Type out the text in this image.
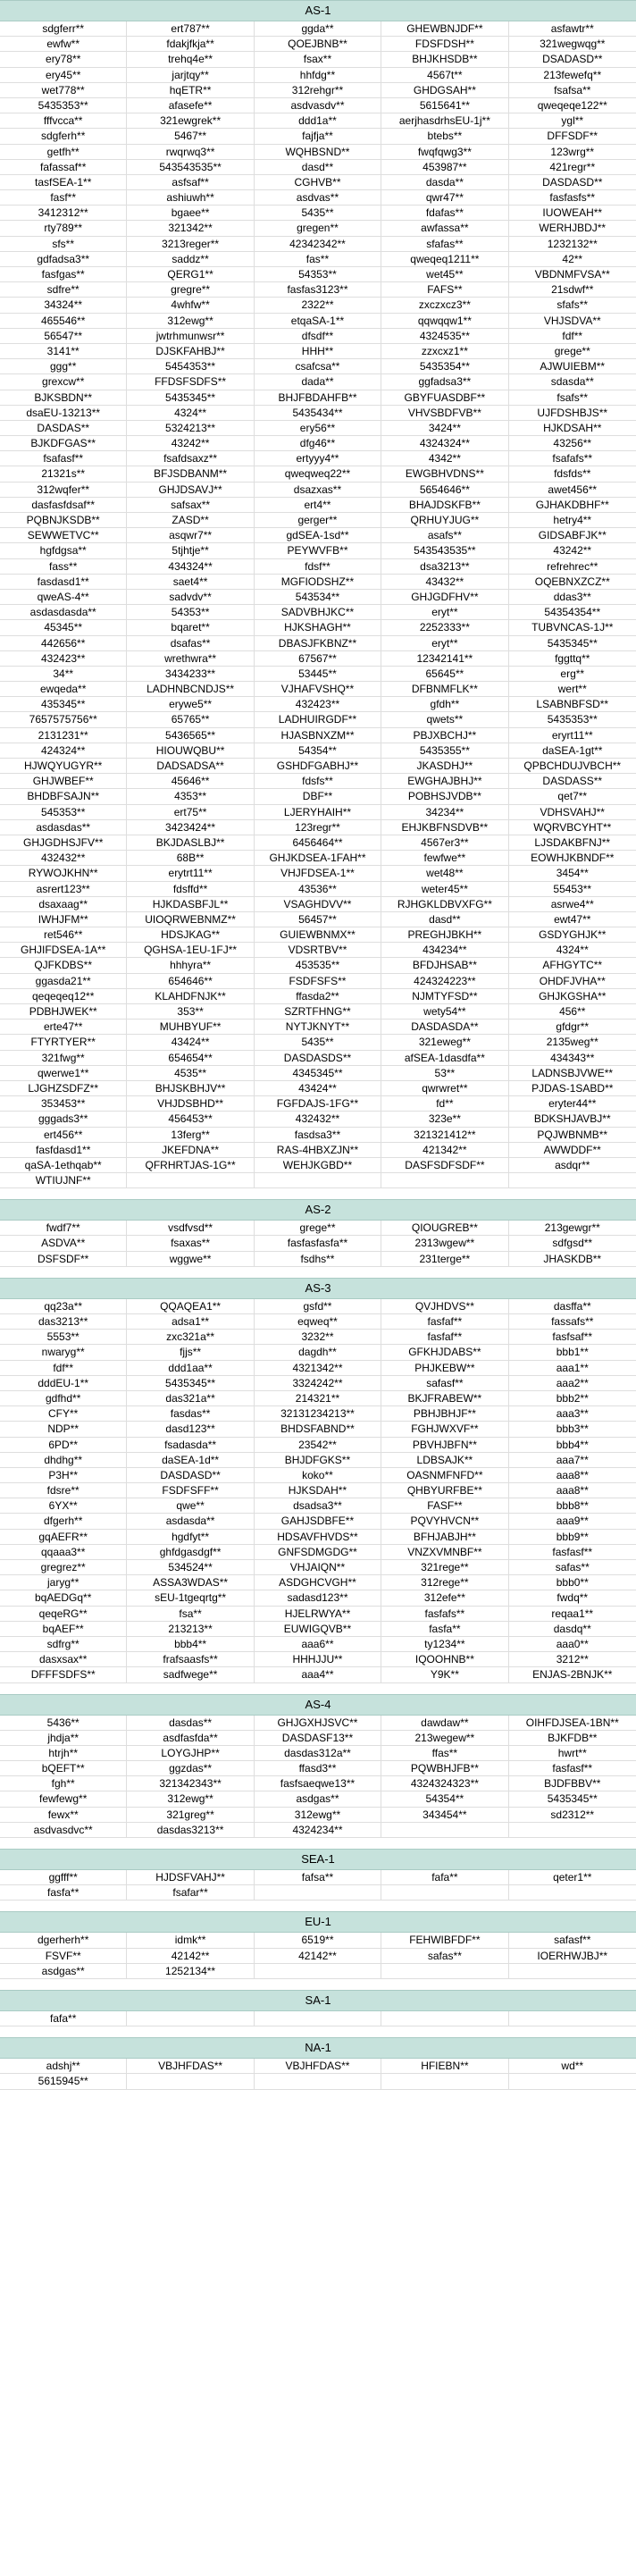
AS-1
sdgferr**	ert787**	ggda**	GHEWBNJDF**	asfawtr**
ewfw**	fdakjfkja**	QOEJBNB**	FDSFDSH**	321wegwqg**
ery78**	trehq4e**	fsax**	BHJKHSDB**	DSADASD**
ery45**	jarjtqy**	hhfdg**	4567t**	213fewefq**
wet778**	hqETR**	312rehgr**	GHDGSAH**	fsafsa**
5435353**	afasefe**	asdvasdv**	5615641**	qweqeqe122**
fffvcca**	321ewgrek**	ddd1a**	aerjhasdrhsEU-1j**	ygl**
sdgferh**	5467**	fajfja**	btebs**	DFFSDF**
getfh**	rwqrwq3**	WQHBSND**	fwqfqwg3**	123wrg**
fafassaf**	543543535**	dasd**	453987**	421regr**
tasfSEA-1**	asfsaf**	CGHVB**	dasda**	DASDASD**
fasf**	ashiuwh**	asdvas**	qwr47**	fasfasfs**
3412312**	bgaee**	5435**	fdafas**	IUOWEAH**
rty789**	321342**	gregen**	awfassa**	WERHJBDJ**
sfs**	3213reger**	42342342**	sfafas**	1232132**
gdfadsa3**	saddz**	fas**	qweqeq1211**	42**
fasfgas**	QERG1**	54353**	wet45**	VBDNMFVSA**
sdfre**	gregre**	fasfas3123**	FAFS**	21sdwf**
34324**	4whfw**	2322**	zxczxcz3**	sfafs**
465546**	312ewg**	etqaSA-1**	qqwqqw1**	VHJSDVA**
56547**	jwtrhmunwsr**	dfsdf**	4324535**	fdf**
3141**	DJSKFAHBJ**	HHH**	zzxcxz1**	grege**
ggg**	5454353**	csafcsa**	5435354**	AJWUIEBM**
grexcw**	FFDSFSDFS**	dada**	ggfadsa3**	sdasda**
BJKSBDN**	5435345**	BHJFBDAHFB**	GBYFUASDBF**	fsafs**
dsaEU-13213**	4324**	5435434**	VHVSBDFVB**	UJFDSHBJS**
DASDAS**	5324213**	ery56**	3424**	HJKDSAH**
BJKDFGAS**	43242**	dfg46**	4324324**	43256**
fsafasf**	fsafdsaxz**	ertyyy4**	4342**	fsafafs**
21321s**	BFJSDBANM**	qweqweq22**	EWGBHVDNS**	fdsfds**
312wqfer**	GHJDSAVJ**	dsazxas**	5654646**	awet456**
dasfasfdsaf**	safsax**	ert4**	BHAJDSKFB**	GJHAKDBHF**
PQBNJKSDB**	ZASD**	gerger**	QRHUYJUG**	hetry4**
SEWWETVC**	asqwr7**	gdSEA-1sd**	asafs**	GIDSABFJK**
hgfdgsa**	5tjhtje**	PEYWVFB**	543543535**	43242**
fass**	434324**	fdsf**	dsa3213**	refrehrec**
fasdasd1**	saet4**	MGFIODSHZ**	43432**	OQEBNXZCZ**
qweAS-4**	sadvdv**	543534**	GHJGDFHV**	ddas3**
asdasdasda**	54353**	SADVBHJKC**	eryt**	54354354**
45345**	bqaret**	HJKSHAGH**	2252333**	TUBVNCAS-1J**
442656**	dsafas**	DBASJFKBNZ**	eryt**	5435345**
432423**	wrethwra**	67567**	12342141**	fggttq**
34**	3434233**	53445**	65645**	erg**
ewqeda**	LADHNBCNDJS**	VJHAFVSHQ**	DFBNMFLK**	wert**
435345**	erywe5**	432423**	gfdh**	LSABNBFSD**
7657575756**	65765**	LADHUIRGDF**	qwets**	5435353**
2131231**	5436565**	HJASBNXZM**	PBJXBCHJ**	eryrt11**
424324**	HIOUWQBU**	54354**	5435355**	daSEA-1gt**
HJWQYUGYR**	DADSADSA**	GSHDFGABHJ**	JKASDHJ**	QPBCHDUJVBCH**
GHJWBEF**	45646**	fdsfs**	EWGHAJBHJ**	DASDASS**
BHDBFSAJN**	4353**	DBF**	POBHSJVDB**	qet7**
545353**	ert75**	LJERYHAIH**	34234**	VDHSVAHJ**
asdasdas**	3423424**	123regr**	EHJKBFNSDVB**	WQRVBCYHT**
GHJGDHSJFV**	BKJDASLBJ**	6456464**	4567er3**	LJSDAKBFNJ**
432432**	68B**	GHJKDSEA-1FAH**	fewfwe**	EOWHJKBNDF**
RYWOJKHN**	erytrt11**	VHJFDSEA-1**	wet48**	3454**
asrert123**	fdsffd**	43536**	weter45**	55453**
dsaxaag**	HJKDASBFJL**	VSAGHDVV**	RJHGKLDBVXFG**	asrwe4**
IWHJFM**	UIOQRWEBNMZ**	56457**	dasd**	ewt47**
ret546**	HDSJKAG**	GUIEWBNMX**	PREGHJBKH**	GSDYGHJK**
GHJIFDSEA-1A**	QGHSA-1EU-1FJ**	VDSRTBV**	434234**	4324**
QJFKDBS**	hhhyra**	453535**	BFDJHSAB**	AFHGYTC**
ggasda21**	654646**	FSDFSFS**	424324223**	OHDFJVHA**
qeqeqeq12**	KLAHDFNJK**	ffasda2**	NJMTYFSD**	GHJKGSHA**
PDBHJWEK**	353**	SZRTFHNG**	wety54**	456**
erte47**	MUHBYUF**	NYTJKNYT**	DASDASDA**	gfdgr**
FTYRTYER**	43424**	5435**	321eweg**	2135weg**
321fwg**	654654**	DASDASDS**	afSEA-1dasdfa**	434343**
qwerwe1**	4535**	4345345**	53**	LADNSBJVWE**
LJGHZSDFZ**	BHJSKBHJV**	43424**	qwrwret**	PJDAS-1SABD**
353453**	VHJDSBHD**	FGFDAJS-1FG**	fd**	eryter44**
gggads3**	456453**	432432**	323e**	BDKSHJAVBJ**
ert456**	13ferg**	fasdsa3**	321321412**	PQJWBNMB**
fasfdasd1**	JKEFDNA**	RAS-4HBXZJN**	421342**	AWWDDF**
qaSA-1ethqab**	QFRHRTJAS-1G**	WEHJKGBD**	DASFSDFSDF**	asdqr**
WTIUJNF**
AS-2
fwdf7**	vsdfvsd**	grege**	QIOUGREB**	213gewgr**
ASDVA**	fsaxas**	fasfasfasfa**	2313wgew**	sdfgsd**
DSFSDF**	wggwe**	fsdhs**	231terge**	JHASKDB**
AS-3
qq23a**	QQAQEA1**	gsfd**	QVJHDVS**	dasffa**
das3213**	adsa1**	eqweq**	fasfaf**	fassafs**
5553**	zxc321a**	3232**	fasfaf**	fasfsaf**
nwaryg**	fjjs**	dagdh**	GFKHJDABS**	bbb1**
fdf**	ddd1aa**	4321342**	PHJKEBW**	aaa1**
dddEU-1**	5435345**	3324242**	safasf**	aaa2**
gdfhd**	das321a**	214321**	BKJFRABEW**	bbb2**
CFY**	fasdas**	32131234213**	PBHJBHJF**	aaa3**
NDP**	dasd123**	BHDSFABND**	FGHJWXVF**	bbb3**
6PD**	fsadasda**	23542**	PBVHJBFN**	bbb4**
dhdhg**	daSEA-1d**	BHJDFGKS**	LDBSAJK**	aaa7**
P3H**	DASDASD**	koko**	OASNMFNFD**	aaa8**
fdsre**	FSDFSFF**	HJKSDAH**	QHBYURFBE**	aaa8**
6YX**	qwe**	dsadsa3**	FASF**	bbb8**
dfgerh**	asdasda**	GAHJSDBFE**	PQVYHVCN**	aaa9**
gqAEFR**	hgdfyt**	HDSAVFHVDS**	BFHJABJH**	bbb9**
qqaaa3**	ghfdgasdgf**	GNFSDMGDG**	VNZXVMNBF**	fasfasf**
gregrez**	534524**	VHJAIQN**	321rege**	safas**
jaryg**	ASSA3WDAS**	ASDGHCVGH**	312rege**	bbb0**
bqAEDGq**	sEU-1tgeqrtg**	sadasd123**	312efe**	fwdq**
qeqeRG**	fsa**	HJELRWYA**	fasfafs**	reqaa1**
bqAEF**	213213**	EUWIGQVB**	fasfa**	dasdq**
sdfrg**	bbb4**	aaa6**	ty1234**	aaa0**
dasxsax**	frafsaasfs**	HHHJJU**	IQOOHNB**	3212**
DFFFSDFS**	sadfwege**	aaa4**	Y9K**	ENJAS-2BNJK**
AS-4
5436**	dasdas**	GHJGXHJSVC**	dawdaw**	OIHFDJSEA-1BN**
jhdja**	asdfasfda**	DASDASF13**	213wegew**	BJKFDB**
htrjh**	LOYGJHP**	dasdas312a**	ffas**	hwrt**
bQEFT**	ggzdas**	ffasd3**	PQWBHJFB**	fasfasf**
fgh**	321342343**	fasfsaeqwe13**	4324324323**	BJDFBBV**
fewfewg**	312ewg**	asdgas**	54354**	5435345**
fewx**	321greg**	312ewg**	343454**	sd2312**
asdvasdvc**	dasdas3213**	4324234**
SEA-1
ggfff**	HJDSFVAHJ**	fafsa**	fafa**	qeter1**
fasfa**	fsafar**
EU-1
dgerherh**	idmk**	6519**	FEHWIBFDF**	safasf**
FSVF**	42142**	42142**	safas**	IOERHWJBJ**
asdgas**	1252134**
SA-1
fafa**
NA-1
adshj**	VBJHFDAS**	VBJHFDAS**	HFIEBN**	wd**
5615945**
